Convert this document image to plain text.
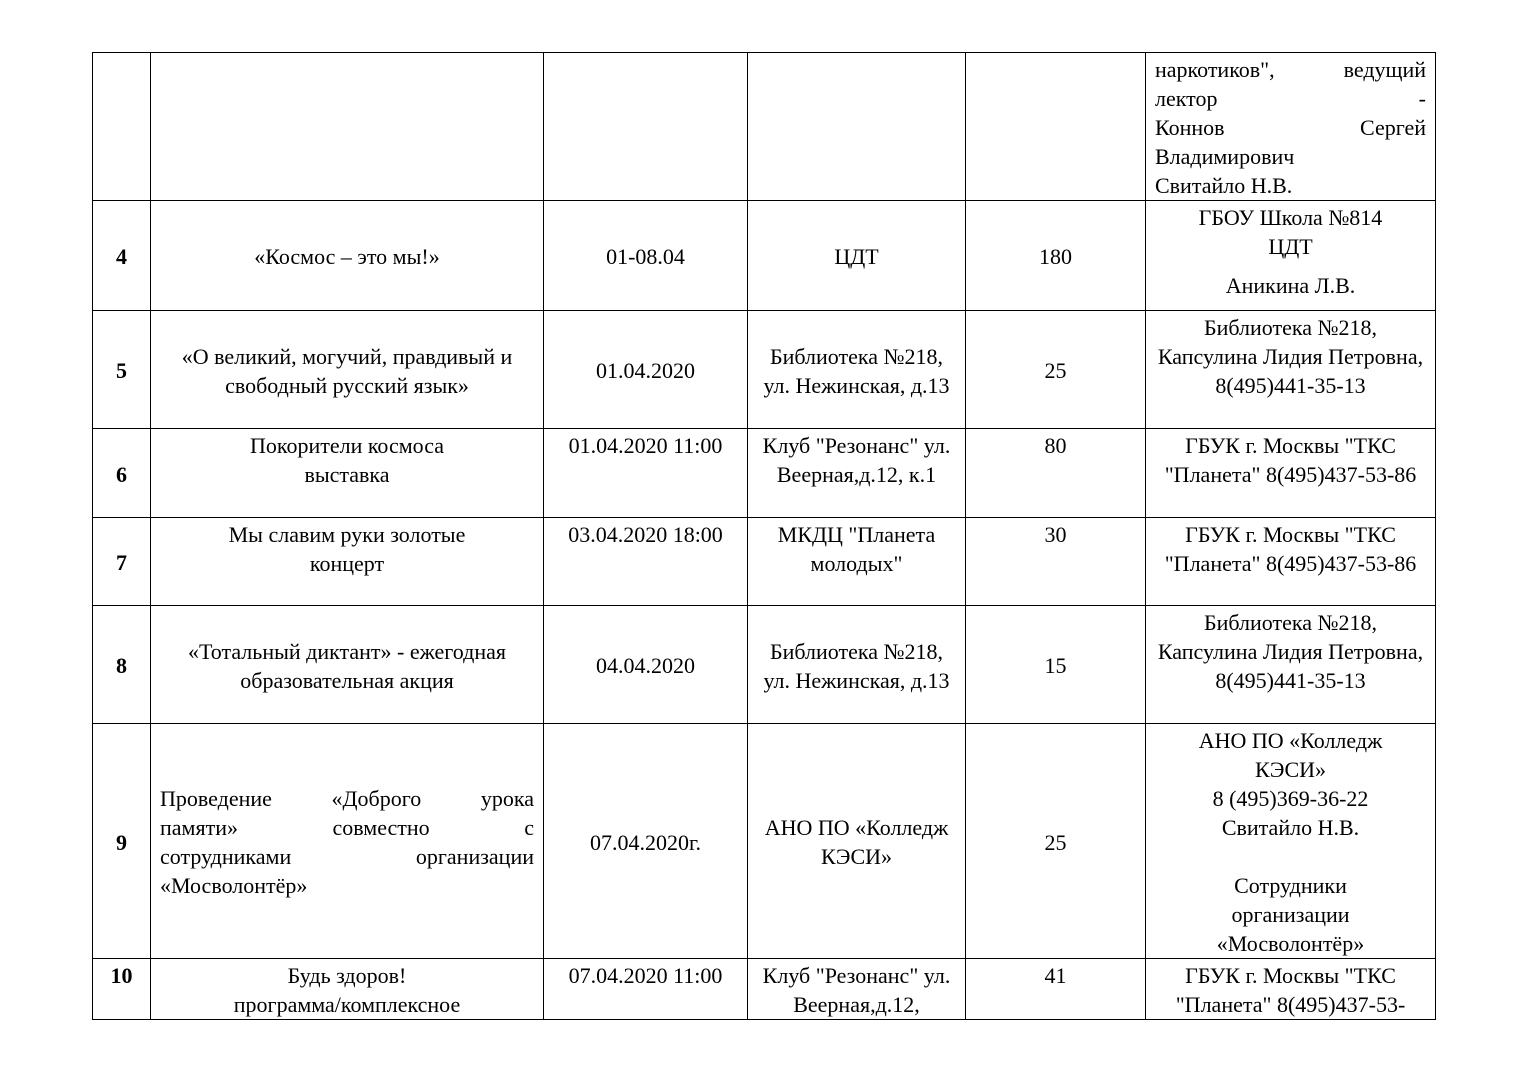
					наркотиков", ведущий
лектор -
Коннов Сергей
Владимирович
Свитайло Н.В.

4	«Космос – это мы!»	01-08.04	ЦДТ	180	ГБОУ Школа №814
ЦДТ
Аникина Л.В.

5	«О великий, могучий, правдивый и свободный русский язык»	01.04.2020	Библиотека №218, ул. Нежинская, д.13	25	Библиотека №218, Капсулина Лидия Петровна, 8(495)441-35-13
6	Покорители космоса
выставка	01.04.2020 11:00	Клуб "Резонанс" ул. Веерная,д.12, к.1	80	ГБУК г. Москвы "ТКС "Планета" 8(495)437-53-86
7	Мы славим руки золотые
концерт	03.04.2020 18:00	МКДЦ "Планета молодых"	30	ГБУК г. Москвы "ТКС "Планета" 8(495)437-53-86
8	«Тотальный диктант» - ежегодная образовательная акция	04.04.2020	Библиотека №218, ул. Нежинская, д.13	15	Библиотека №218, Капсулина Лидия Петровна, 8(495)441-35-13
9	Проведение «Доброго урока
памяти» совместно с
сотрудниками организации
«Мосволонтёр»	07.04.2020г.	АНО ПО «Колледж КЭСИ»	25	АНО ПО «Колледж КЭСИ»
8 (495)369-36-22
Свитайло Н.В.
Сотрудники организации «Мосволонтёр»

10	Будь здоров!
программа/комплексное	07.04.2020 11:00	Клуб "Резонанс" ул. Веерная,д.12,	41	ГБУК г. Москвы "ТКС "Планета" 8(495)437-53-
